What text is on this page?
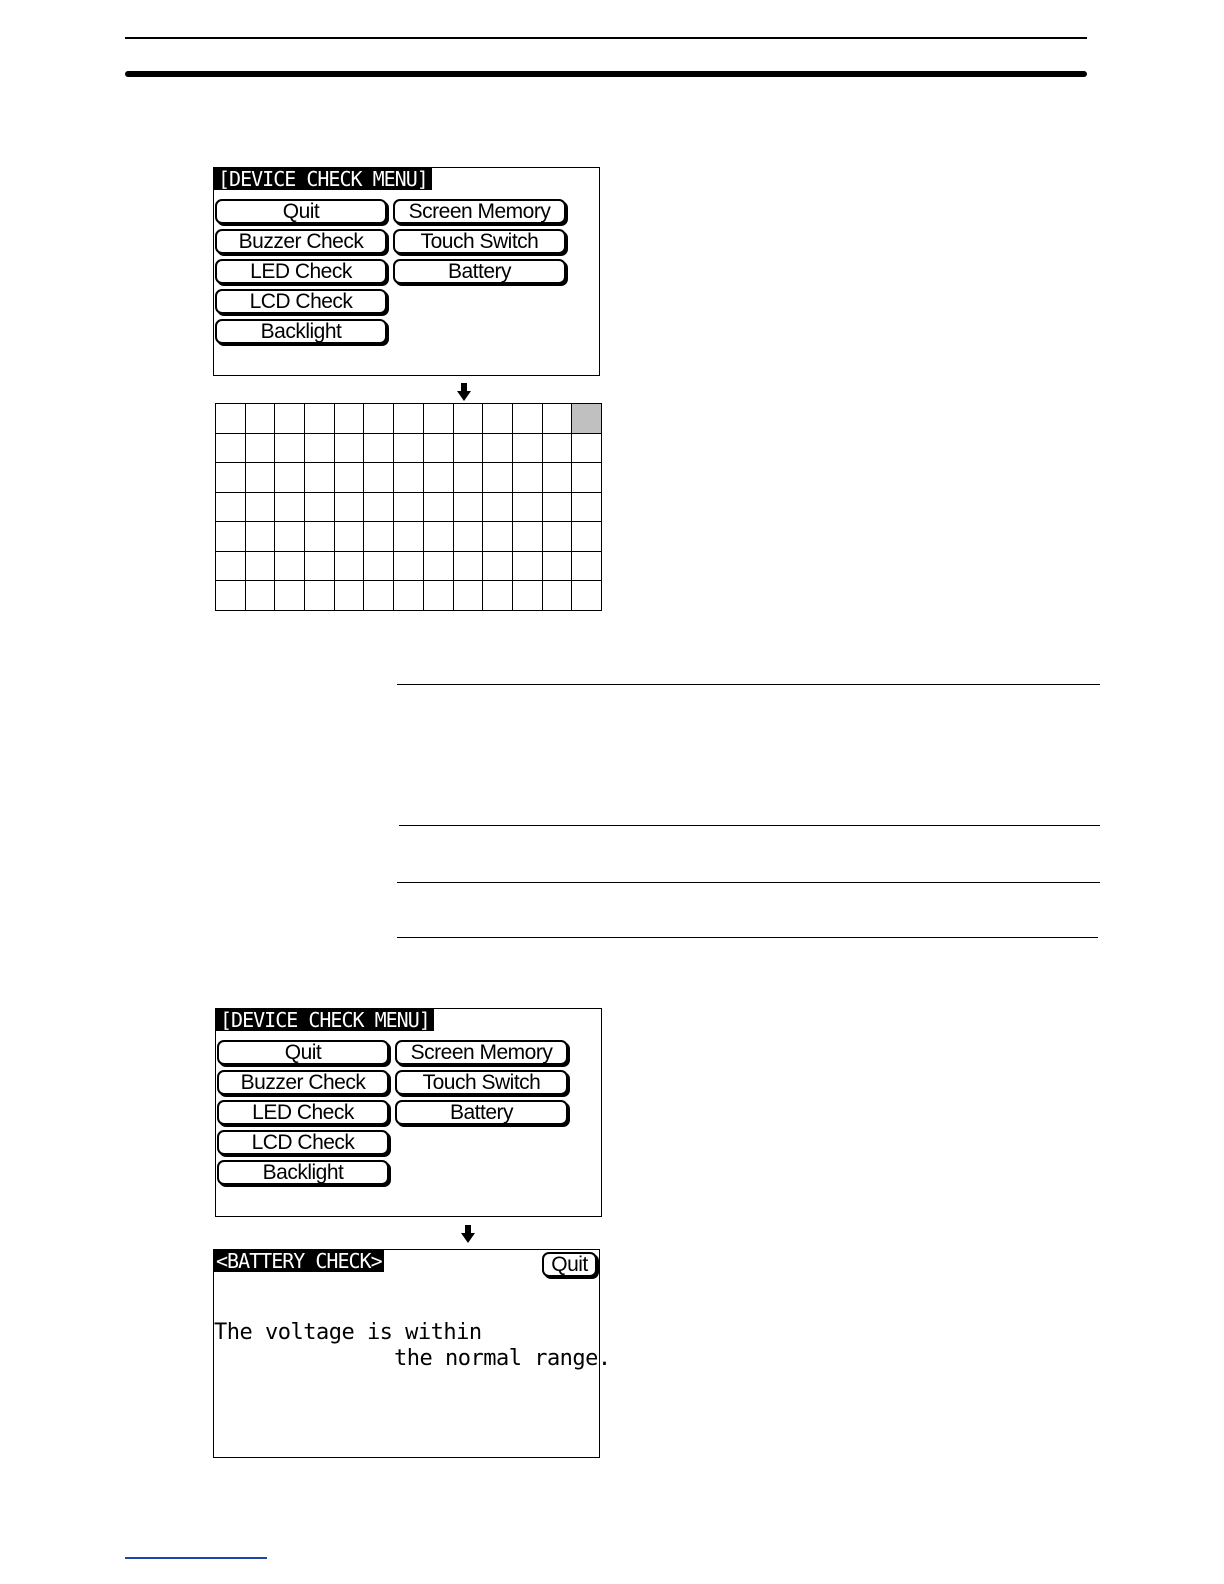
[DEVICE CHECK MENU]
Quit
Buzzer Check
LED Check
LCD Check
Backlight
Screen Memory
Touch Switch
Battery
[DEVICE CHECK MENU]
Quit
Buzzer Check
LED Check
LCD Check
Backlight
Screen Memory
Touch Switch
Battery
<BATTERY CHECK>	Quit
The voltage is within
the normal range.
